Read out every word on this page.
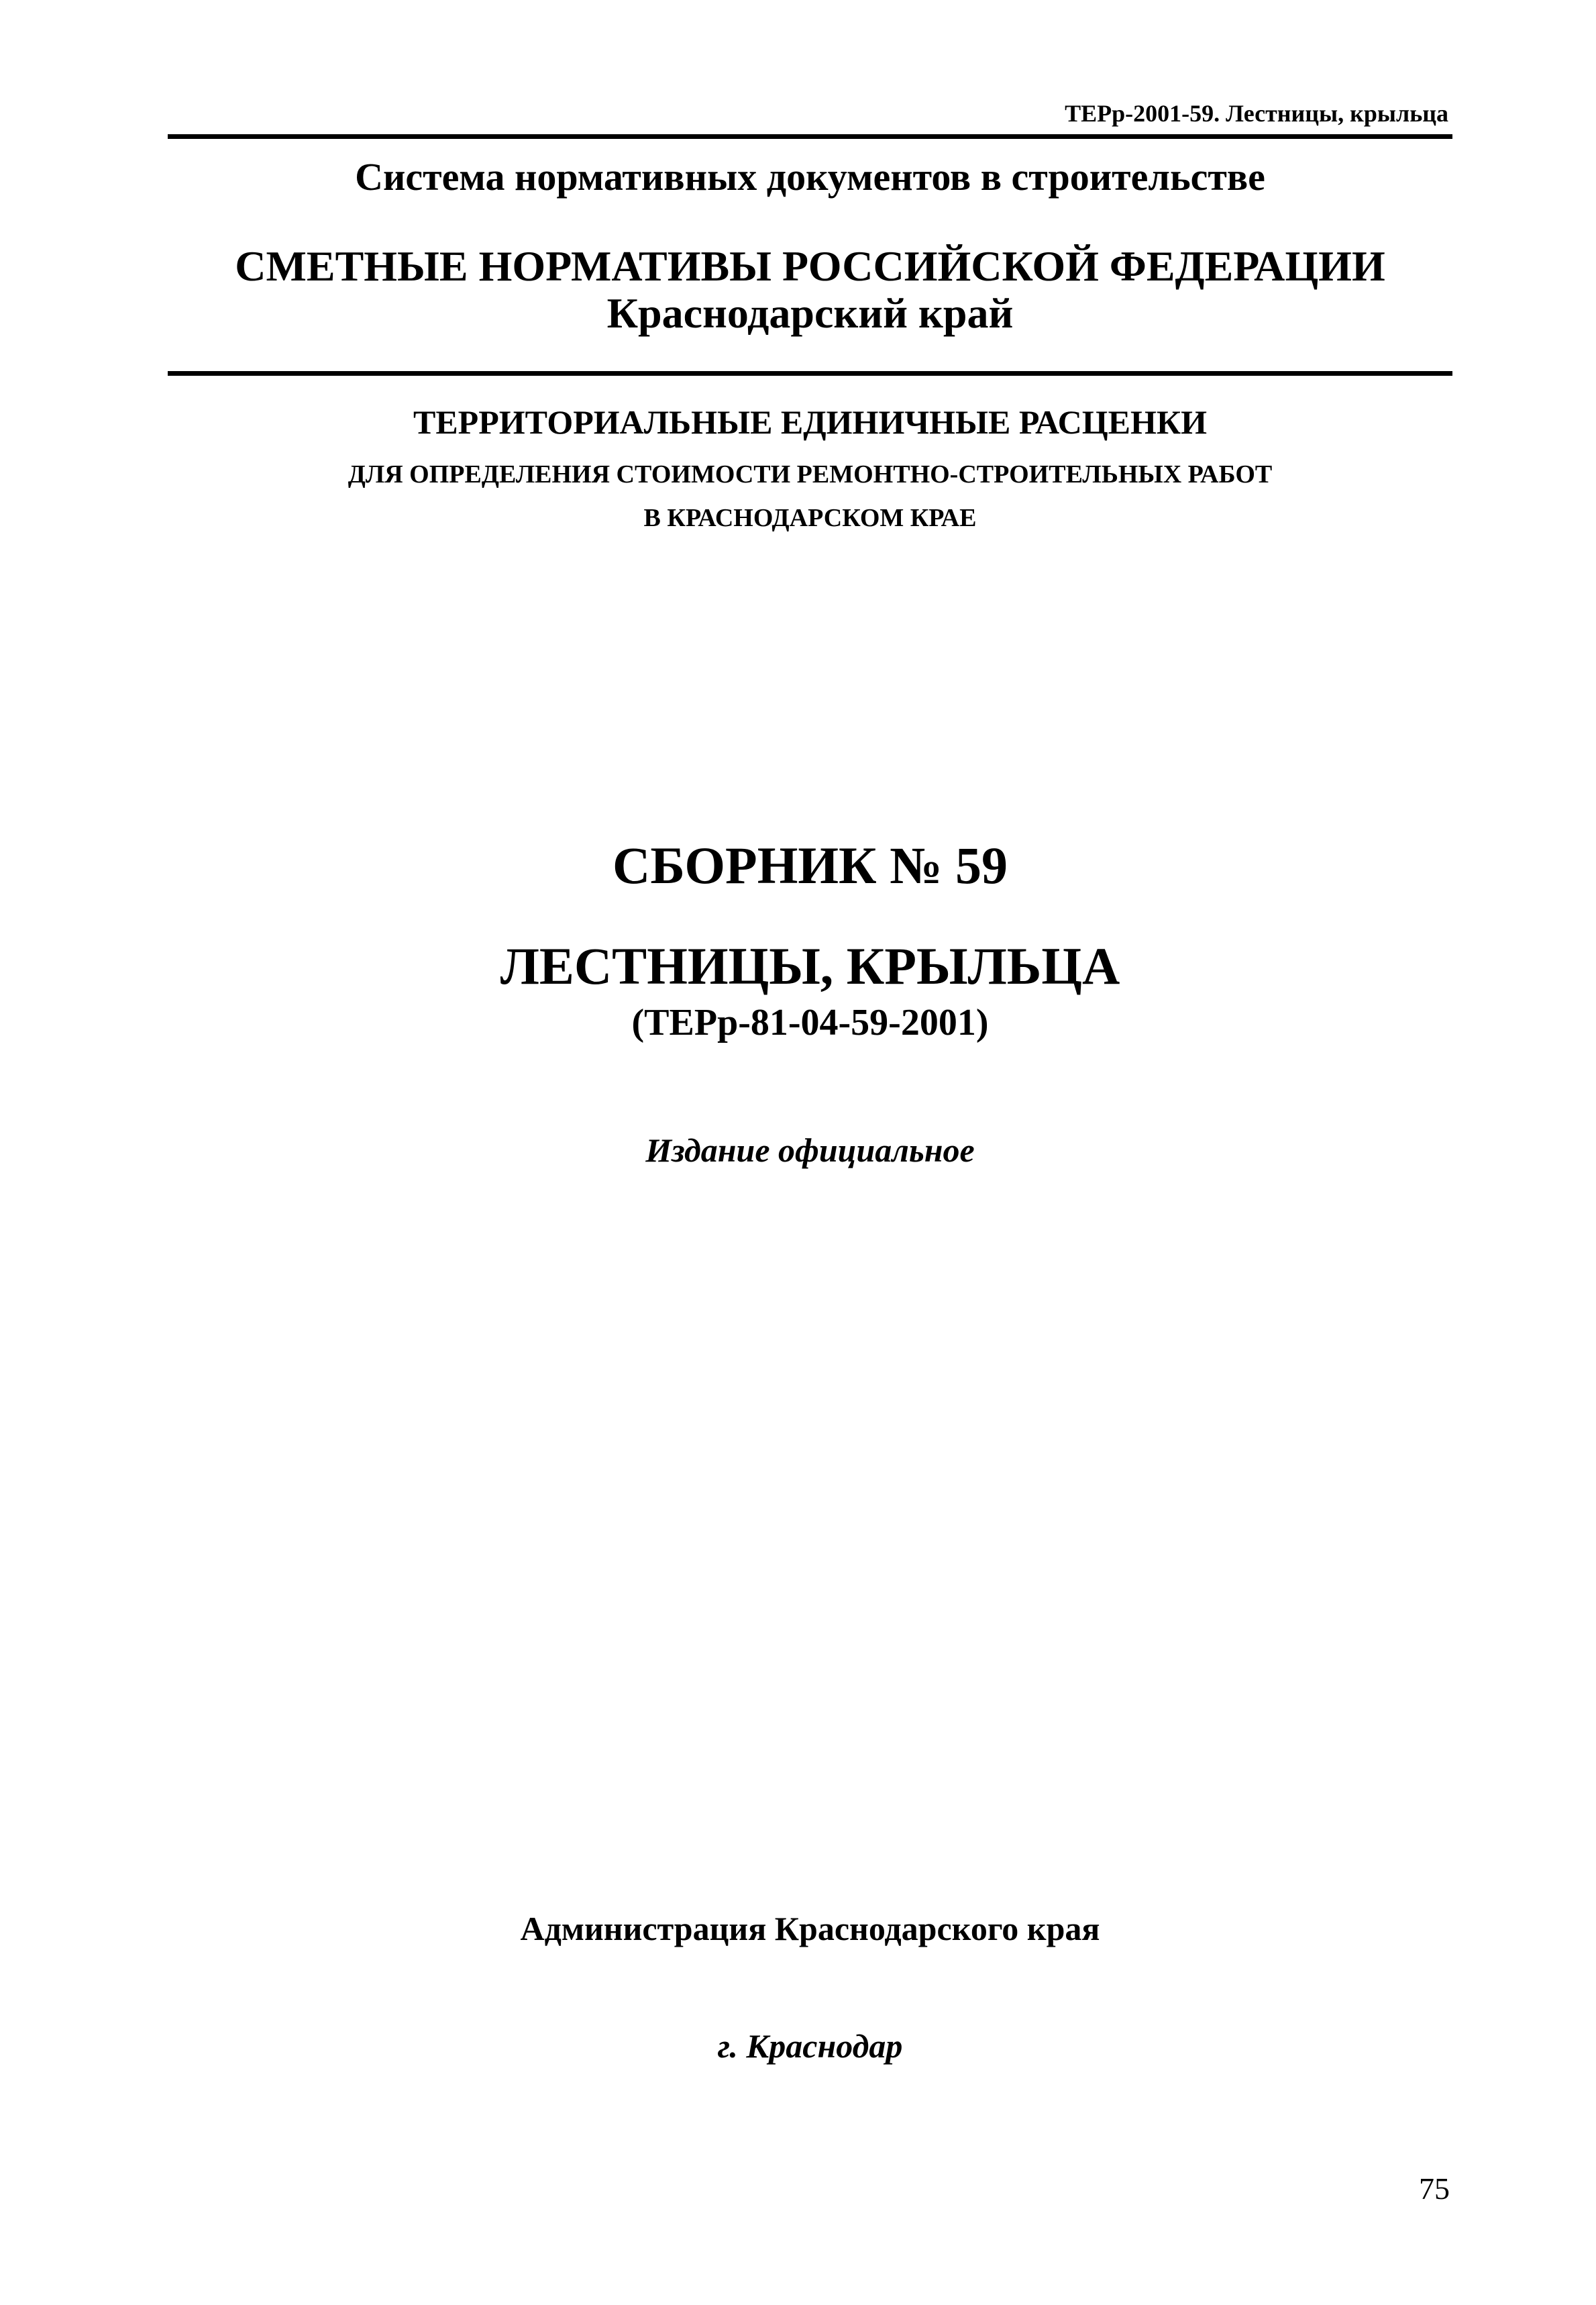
ТЕРр-2001-59. Лестницы, крыльца
Система нормативных документов в строительстве
СМЕТНЫЕ НОРМАТИВЫ РОССИЙСКОЙ ФЕДЕРАЦИИ
Краснодарский край
ТЕРРИТОРИАЛЬНЫЕ ЕДИНИЧНЫЕ РАСЦЕНКИ
ДЛЯ ОПРЕДЕЛЕНИЯ СТОИМОСТИ РЕМОНТНО-СТРОИТЕЛЬНЫХ РАБОТ
В КРАСНОДАРСКОМ КРАЕ
СБОРНИК № 59
ЛЕСТНИЦЫ, КРЫЛЬЦА
(ТЕРр-81-04-59-2001)
Издание официальное
Администрация Краснодарского края
г. Краснодар
75
